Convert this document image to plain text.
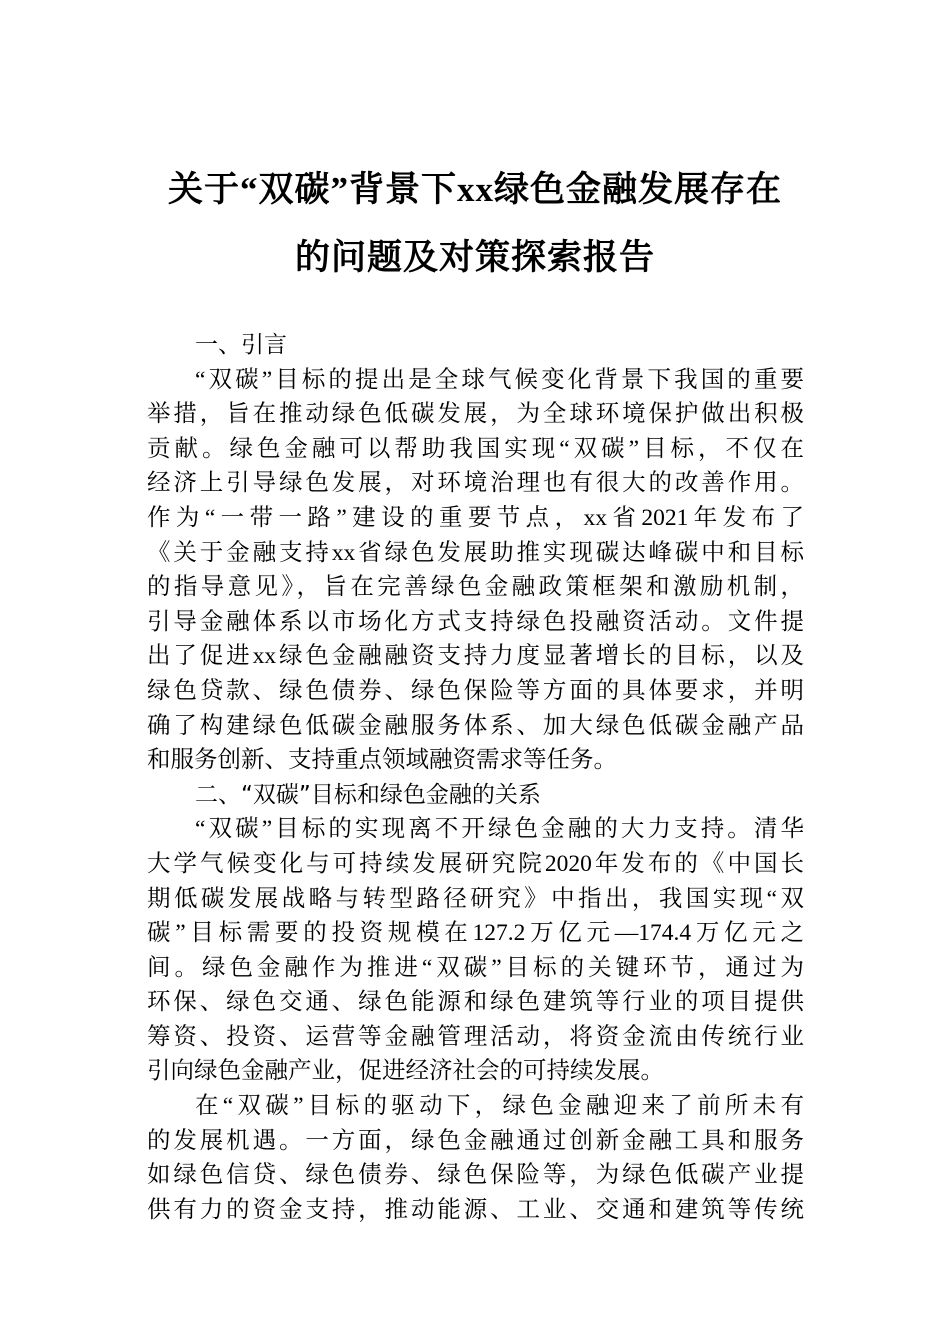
关于“双碳”背景下xx绿色金融发展存在
的问题及对策探索报告
一、引言
“双碳”目标的提出是全球气候变化背景下我国的重要
举措，旨在推动绿色低碳发展，为全球环境保护做出积极
贡献。绿色金融可以帮助我国实现“双碳”目标，不仅在
经济上引导绿色发展，对环境治理也有很大的改善作用。
作为“一带一路”建设的重要节点，xx省2021年发布了
《关于金融支持xx省绿色发展助推实现碳达峰碳中和目标
的指导意见》，旨在完善绿色金融政策框架和激励机制，
引导金融体系以市场化方式支持绿色投融资活动。文件提
出了促进xx绿色金融融资支持力度显著增长的目标，以及
绿色贷款、绿色债券、绿色保险等方面的具体要求，并明
确了构建绿色低碳金融服务体系、加大绿色低碳金融产品
和服务创新、支持重点领域融资需求等任务。
二、“双碳”目标和绿色金融的关系
“双碳”目标的实现离不开绿色金融的大力支持。清华
大学气候变化与可持续发展研究院2020年发布的《中国长
期低碳发展战略与转型路径研究》中指出，我国实现“双
碳”目标需要的投资规模在127.2万亿元—174.4万亿元之
间。绿色金融作为推进“双碳”目标的关键环节，通过为
环保、绿色交通、绿色能源和绿色建筑等行业的项目提供
筹资、投资、运营等金融管理活动，将资金流由传统行业
引向绿色金融产业，促进经济社会的可持续发展。
在“双碳”目标的驱动下，绿色金融迎来了前所未有
的发展机遇。一方面，绿色金融通过创新金融工具和服务
如绿色信贷、绿色债券、绿色保险等，为绿色低碳产业提
供有力的资金支持，推动能源、工业、交通和建筑等传统
